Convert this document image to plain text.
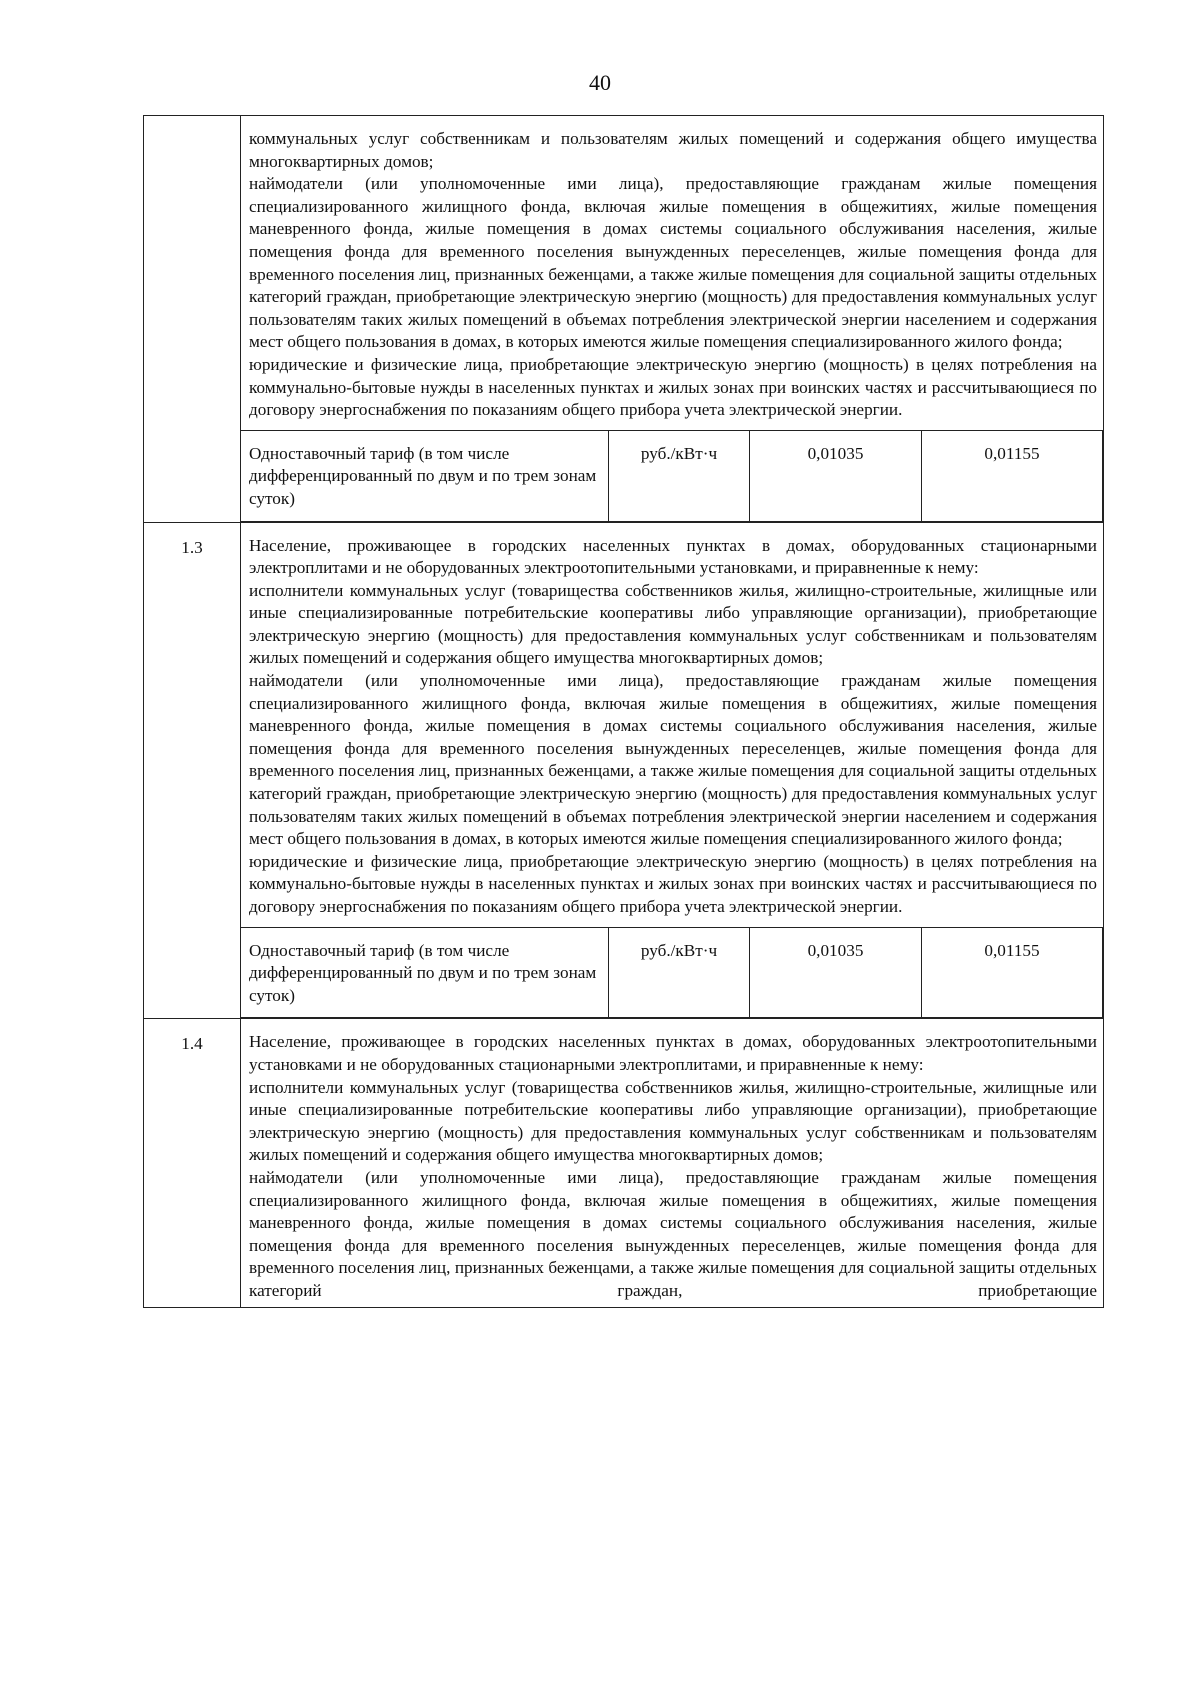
40

коммунальных услуг собственникам и пользователям жилых помещений и содержания общего имущества многоквартирных домов;

наймодатели (или уполномоченные ими лица), предоставляющие гражданам жилые помещения специализированного жилищного фонда, включая жилые помещения в общежитиях, жилые помещения маневренного фонда, жилые помещения в домах системы социального обслуживания населения, жилые помещения фонда для временного поселения вынужденных переселенцев, жилые помещения фонда для временного поселения лиц, признанных беженцами, а также жилые помещения для социальной защиты отдельных категорий граждан, приобретающие электрическую энергию (мощность) для предоставления коммунальных услуг пользователям таких жилых помещений в объемах потребления электрической энергии населением и содержания мест общего пользования в домах, в которых имеются жилые помещения специализированного жилого фонда;

юридические и физические лица, приобретающие электрическую энергию (мощность) в целях потребления на коммунально-бытовые нужды в населенных пунктах и жилых зонах при воинских частях и рассчитывающиеся по договору энергоснабжения по показаниям общего прибора учета электрической энергии.

Одноставочный тариф (в том числе дифференцированный по двум и по трем зонам суток)	руб./кВт·ч	0,01035	0,01155

1.3	Население, проживающее в городских населенных пунктах в домах, оборудованных стационарными электроплитами и не оборудованных электроотопительными установками, и приравненные к нему:

исполнители коммунальных услуг (товарищества собственников жилья, жилищно-строительные, жилищные или иные специализированные потребительские кооперативы либо управляющие организации), приобретающие электрическую энергию (мощность) для предоставления коммунальных услуг собственникам и пользователям жилых помещений и содержания общего имущества многоквартирных домов;

наймодатели (или уполномоченные ими лица), предоставляющие гражданам жилые помещения специализированного жилищного фонда, включая жилые помещения в общежитиях, жилые помещения маневренного фонда, жилые помещения в домах системы социального обслуживания населения, жилые помещения фонда для временного поселения вынужденных переселенцев, жилые помещения фонда для временного поселения лиц, признанных беженцами, а также жилые помещения для социальной защиты отдельных категорий граждан, приобретающие электрическую энергию (мощность) для предоставления коммунальных услуг пользователям таких жилых помещений в объемах потребления электрической энергии населением и содержания мест общего пользования в домах, в которых имеются жилые помещения специализированного жилого фонда;

юридические и физические лица, приобретающие электрическую энергию (мощность) в целях потребления на коммунально-бытовые нужды в населенных пунктах и жилых зонах при воинских частях и рассчитывающиеся по договору энергоснабжения по показаниям общего прибора учета электрической энергии.

Одноставочный тариф (в том числе дифференцированный по двум и по трем зонам суток)	руб./кВт·ч	0,01035	0,01155

1.4	Население, проживающее в городских населенных пунктах в домах, оборудованных электроотопительными установками и не оборудованных стационарными электроплитами, и приравненные к нему:

исполнители коммунальных услуг (товарищества собственников жилья, жилищно-строительные, жилищные или иные специализированные потребительские кооперативы либо управляющие организации), приобретающие электрическую энергию (мощность) для предоставления коммунальных услуг собственникам и пользователям жилых помещений и содержания общего имущества многоквартирных домов;

наймодатели (или уполномоченные ими лица), предоставляющие гражданам жилые помещения специализированного жилищного фонда, включая жилые помещения в общежитиях, жилые помещения маневренного фонда, жилые помещения в домах системы социального обслуживания населения, жилые помещения фонда для временного поселения вынужденных переселенцев, жилые помещения фонда для временного поселения лиц, признанных беженцами, а также жилые помещения для социальной защиты отдельных категорий граждан, приобретающие
